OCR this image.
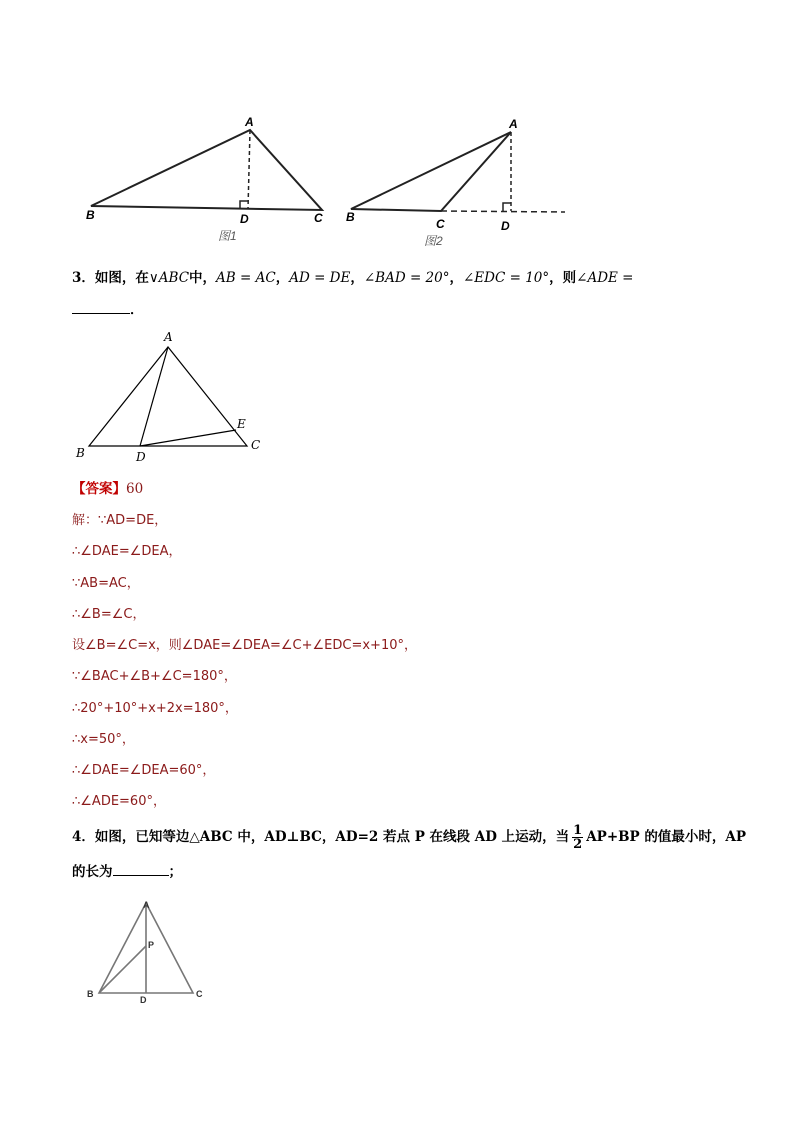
A
B	C
D
图1
A
B	C	D
图2
3．如图，在∨ABC中，AB = AC，AD = DE，∠BAD = 20°，∠EDC = 10°，则∠ADE =
．
A
B
C
D
E
【答案】60
解：∵AD=DE，
∴∠DAE=∠DEA，
∵AB=AC，
∴∠B=∠C，
设∠B=∠C=x，则∠DAE=∠DEA=∠C+∠EDC=x+10°，
∵∠BAC+∠B+∠C=180°，
∴20°+10°+x+2x=180°，
∴x=50°，
∴∠DAE=∠DEA=60°，
∴∠ADE=60°，
4．如图，已知等边△ABC 中，AD⊥BC，AD=2 若点 P 在线段 AD 上运动，当 $\frac{1}{2} AP+BP$ 的值最小时，AP
的长为	；
A
B	C
D
P
